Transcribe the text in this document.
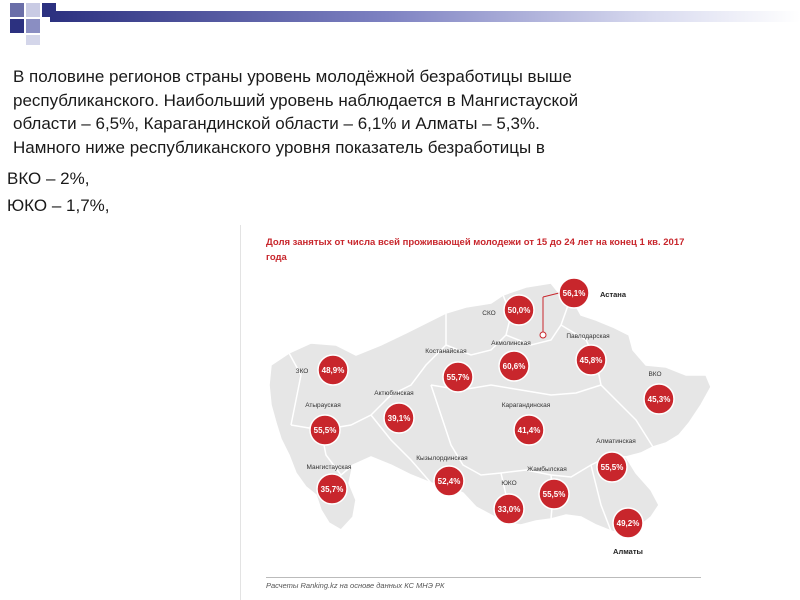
В половине регионов страны уровень молодёжной безработицы выше
республиканского. Наибольший уровень наблюдается в Мангистауской
области – 6,5%, Карагандинской области – 6,1% и Алматы – 5,3%.
Намного ниже республиканского уровня показатель безработицы в
ВКО – 2%,
ЮКО – 1,7%,
Доля занятых от числа всей проживающей молодежи от 15 до 24 лет на конец 1 кв. 2017 года
50,0%
СКО
56,1% Астана
45,8%
Павлодарская
60,6%
Акмолинская
55,7%
Костанайская
48,9%
ЗКО
39,1%
Актюбинская
55,5%
Атырауская
41,4%
Карагандинская
45,3%
ВКО
35,7%
Мангистауская
52,4%
Кызылординская
33,0%
ЮКО
55,5%
Жамбылская	55,5%
Алматинская
49,2%
Алматы
Расчеты Ranking.kz на основе данных КС МНЭ РК
